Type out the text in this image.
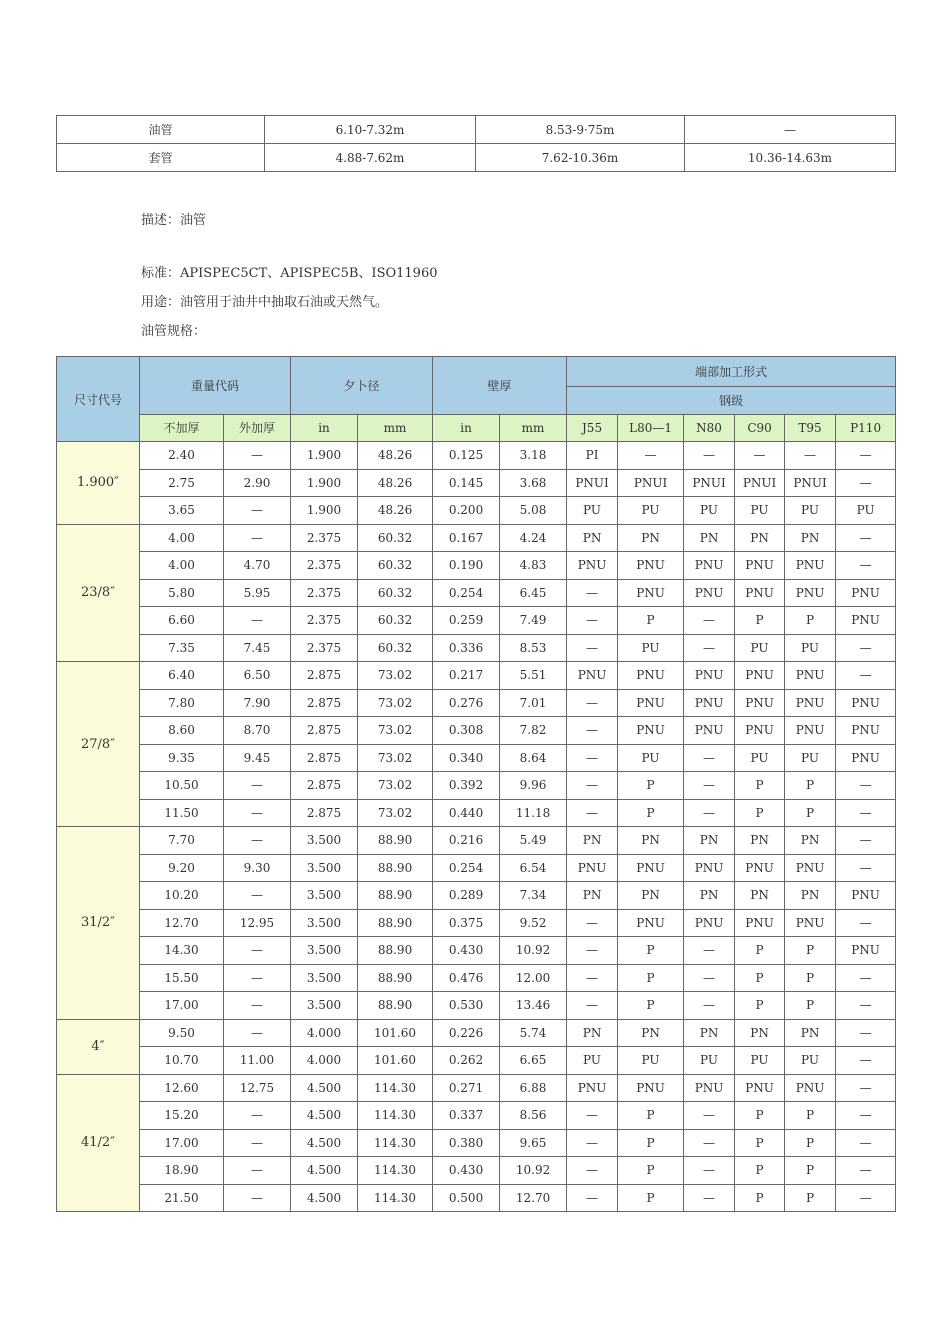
油管	6.10-7.32m	8.53-9·75m	—
套管	4.88-7.62m	7.62-10.36m	10.36-14.63m
描述：油管
标准：APISPEC5CT、APISPEC5B、ISO11960
用途：油管用于油井中抽取石油或天然气。
油管规格：
尺寸代号	重量代码		夕卜径		壁厚		端部加工形式					
							钢级					
	不加厚	外加厚	in	mm	in	mm	J55	L80—1	N80	C90	T95	P110
1.900″	2.40	—	1.900	48.26	0.125	3.18	PI	—	—	—	—	—
	2.75	2.90	1.900	48.26	0.145	3.68	PNUI	PNUI	PNUI	PNUI	PNUI	—
	3.65	—	1.900	48.26	0.200	5.08	PU	PU	PU	PU	PU	PU
23/8″	4.00	—	2.375	60.32	0.167	4.24	PN	PN	PN	PN	PN	—
	4.00	4.70	2.375	60.32	0.190	4.83	PNU	PNU	PNU	PNU	PNU	—
	5.80	5.95	2.375	60.32	0.254	6.45	—	PNU	PNU	PNU	PNU	PNU
	6.60	—	2.375	60.32	0.259	7.49	—	P	—	P	P	PNU
	7.35	7.45	2.375	60.32	0.336	8.53	—	PU	—	PU	PU	—
27/8″	6.40	6.50	2.875	73.02	0.217	5.51	PNU	PNU	PNU	PNU	PNU	—
	7.80	7.90	2.875	73.02	0.276	7.01	—	PNU	PNU	PNU	PNU	PNU
	8.60	8.70	2.875	73.02	0.308	7.82	—	PNU	PNU	PNU	PNU	PNU
	9.35	9.45	2.875	73.02	0.340	8.64	—	PU	—	PU	PU	PNU
	10.50	—	2.875	73.02	0.392	9.96	—	P	—	P	P	—
	11.50	—	2.875	73.02	0.440	11.18	—	P	—	P	P	—
31/2″	7.70	—	3.500	88.90	0.216	5.49	PN	PN	PN	PN	PN	—
	9.20	9.30	3.500	88.90	0.254	6.54	PNU	PNU	PNU	PNU	PNU	—
	10.20	—	3.500	88.90	0.289	7.34	PN	PN	PN	PN	PN	PNU
	12.70	12.95	3.500	88.90	0.375	9.52	—	PNU	PNU	PNU	PNU	—
	14.30	—	3.500	88.90	0.430	10.92	—	P	—	P	P	PNU
	15.50	—	3.500	88.90	0.476	12.00	—	P	—	P	P	—
	17.00	—	3.500	88.90	0.530	13.46	—	P	—	P	P	—
4″	9.50	—	4.000	101.60	0.226	5.74	PN	PN	PN	PN	PN	—
	10.70	11.00	4.000	101.60	0.262	6.65	PU	PU	PU	PU	PU	—
41/2″	12.60	12.75	4.500	114.30	0.271	6.88	PNU	PNU	PNU	PNU	PNU	—
	15.20	—	4.500	114.30	0.337	8.56	—	P	—	P	P	—
	17.00	—	4.500	114.30	0.380	9.65	—	P	—	P	P	—
	18.90	—	4.500	114.30	0.430	10.92	—	P	—	P	P	—
	21.50	—	4.500	114.30	0.500	12.70	—	P	—	P	P	—
